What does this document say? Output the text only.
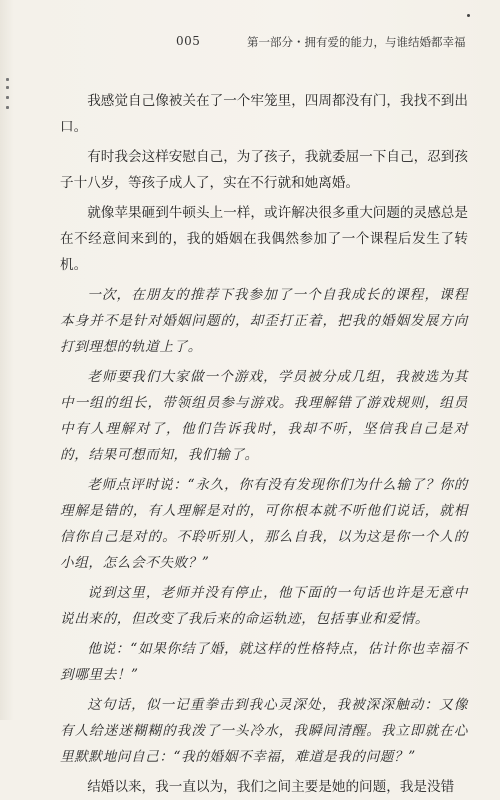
005	第一部分・拥有爱的能力，与谁结婚都幸福

我感觉自己像被关在了一个牢笼里，四周都没有门，我找不到出口。

有时我会这样安慰自己，为了孩子，我就委屈一下自己，忍到孩子十八岁，等孩子成人了，实在不行就和她离婚。

就像苹果砸到牛顿头上一样，或许解决很多重大问题的灵感总是在不经意间来到的，我的婚姻在我偶然参加了一个课程后发生了转机。

一次，在朋友的推荐下我参加了一个自我成长的课程，课程本身并不是针对婚姻问题的，却歪打正着，把我的婚姻发展方向打到理想的轨道上了。

老师要我们大家做一个游戏，学员被分成几组，我被选为其中一组的组长，带领组员参与游戏。我理解错了游戏规则，组员中有人理解对了，他们告诉我时，我却不听，坚信我自己是对的，结果可想而知，我们输了。

老师点评时说：“永久，你有没有发现你们为什么输了？你的理解是错的，有人理解是对的，可你根本就不听他们说话，就相信你自己是对的。不聆听别人，那么自我，以为这是你一个人的小组，怎么会不失败？”

说到这里，老师并没有停止，他下面的一句话也许是无意中说出来的，但改变了我后来的命运轨迹，包括事业和爱情。

他说：“如果你结了婚，就这样的性格特点，估计你也幸福不到哪里去！”

这句话，似一记重拳击到我心灵深处，我被深深触动：又像有人给迷迷糊糊的我泼了一头冷水，我瞬间清醒。我立即就在心里默默地问自己：“我的婚姻不幸福，难道是我的问题？”

结婚以来，我一直以为，我们之间主要是她的问题，我是没错
